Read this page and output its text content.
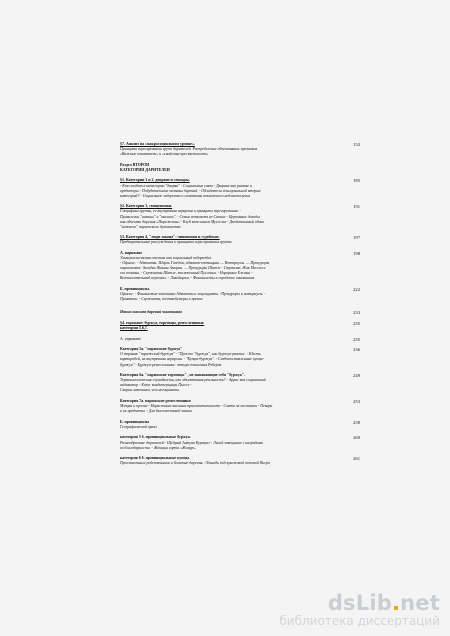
§7. Анализ на «макросоциальном уровне».
Принципы агрегирования групп дарителей. Распределение объективных признаков
«Важные показатели» и «свойства престижности»
152
Раздел ВТОРОЙ
КАТЕГОРИИ ДАРИТЕЛЕЙ
§1. Категории 1 и 2, дворяне и сеньоры.
- Кто входит в категорию "дворян" - Социальные связи - Дворяне как рантье и
кредиторы - Побудительные мотивы дарений. - Обладатели сеньориальной вторых
категорий? - Социальное лидерство и симптомы возможного неблагополучия
185
§2. Категория 3, священники.
Специфика группы, ее внутренняя иерархия и принципы агрегирования. -
Привилегии "низших" и "высших". - Семья потомств из Саписа - Церковные доходы
как объекты дарения «Парижская» - Клуб капелланов Мусселла - Двойственный облик
"нижнего" парижского духовенства
191
§3. Категория 4, "люди закона": чиновники и судейские.
Предварительные рассуждения о принципах агрегирования группы
197
А. парижане
Универсалистская степень как социальный водораздел.
- Офисье. - Адвокаты: Шарль Гизедон, адвокат-оттищики — Нотариусы. — Прокуроры
парламента: Загадка Жанны Аморан. — Прокуроры Шатле - Стряпчие, Жак Мессиэ и
его познань. - Сержанты Шатле, заключенный Пуссеньи. - Нарорные Ежикы -
Вспомогательный персонал. - Лакейщики. - Финансисты в городских чиновниках
198
Б. провинциалы.
Офисье. - Финансовые чиновники Адвокаты и лиценциаты. -Прокуроры и нотариусы. -
Практики. - Сержанты, почтмейстеры и прочие
222
Итоги анализа дарений чиновников	233
§4. горожане: буржуа, торговцы, ремесленники:
категории 5,6,7.
235
А. парижане	235
Категория 5а. "парижские буржуа"
О термине "парижский буржуа" - "Просто "буржуа", или буржуа-рантье. - Шесть
картиродей, их внутренняя иерархия. - "Купцы-буржуа". - Слабопоставленные купцы-
буржуа" - Буржуа-ремесленники: четыре поколения Роберов
236
Категория 6а. "парижские торговцы" , не называющие себя "буржуа".
Терминологическая случайность, или объективная реальность? - Аррас как социальный
индикатор - Казус кондитерщицы Пьессе -
Скорая лавочники, чем негоцианты.
249
Категория 7а. парижские ремесленники
Мэтры и прочие - Нарастание внешних привлекательности - Смета за постамен - Пекари
и их предметы. - Для благочестивой чашки
253
Б. провинциалы
Географический ареал
258
категория 5 б. провинциальные буржуа.
Разнообразные дарителей - Щедрый Антуан Куртуил - Лисий завещание с наградами
из благодарности. - Жёнщин сорта «Жомур».
260
категория 6 б. провинциальные купцы.
Прославленные родственники и богатые дарения. -Лошадь под крыжовой попоной Пигри
261
dsLib.net
библиотека диссертаций
